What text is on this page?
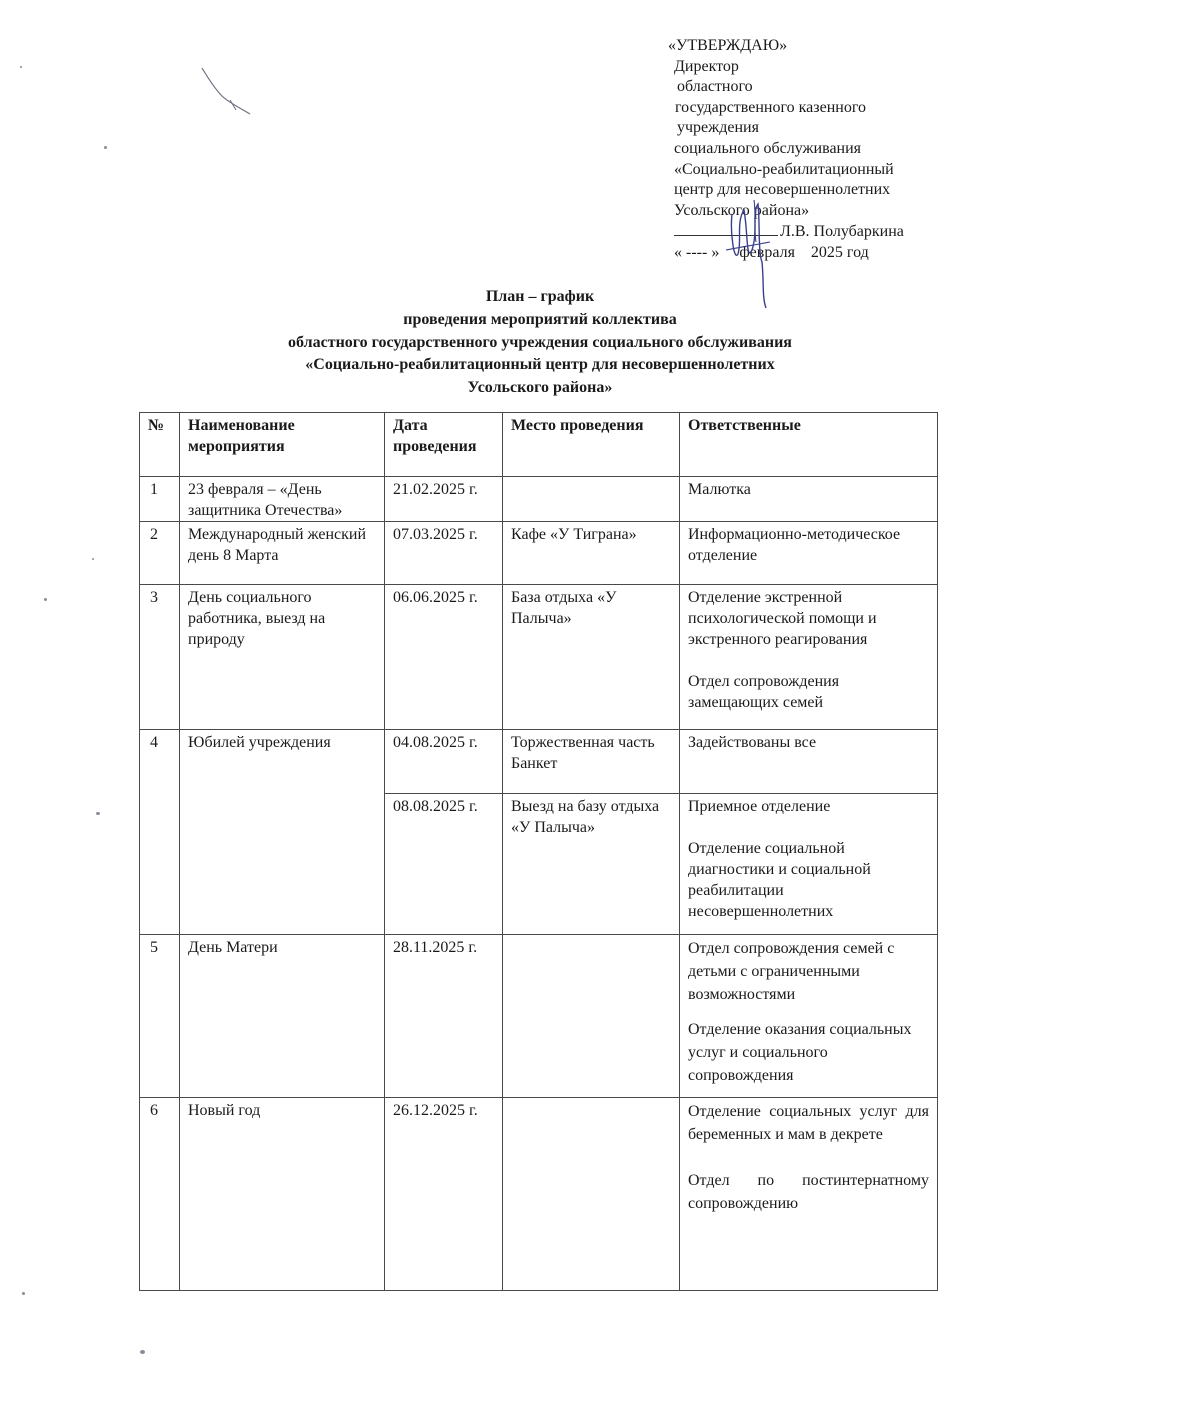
«УТВЕРЖДАЮ»
Директор
областного
государственного казенного
учреждения
социального обслуживания
«Социально-реабилитационный
центр для несовершеннолетних
Усольского района»
Л.В. Полубаркина
« ---- »     февраля    2025 год
План – график
проведения мероприятий коллектива
областного государственного учреждения социального обслуживания
«Социально-реабилитационный центр для несовершеннолетних
Усольского района»
№	Наименование мероприятия	Дата проведения	Место проведения	Ответственные
1	23 февраля – «День защитника Отечества»	21.02.2025 г.		Малютка

2	Международный женский день 8 Марта	07.03.2025 г.	Кафе «У Тиграна»	Информационно-методическое отделение

3	День социального работника, выезд на природу	06.06.2025 г.	База отдыха «У Палыча»	Отделение экстренной психологической помощи и экстренного реагирования
Отдел сопровождения замещающих семей

4	Юбилей учреждения	04.08.2025 г.	Торжественная часть Банкет	Задействованы все

		08.08.2025 г.	Выезд на базу отдыха «У Палыча»	Приемное отделение
Отделение социальной диагностики и социальной реабилитации несовершеннолетних

5	День Матери	28.11.2025 г.		Отдел сопровождения семей с детьми с ограниченными возможностями
Отделение оказания социальных услуг и социального сопровождения

6	Новый год	26.12.2025 г.		Отделение социальных услуг для беременных и мам в декрете
Отдел по постинтернатному сопровождению
